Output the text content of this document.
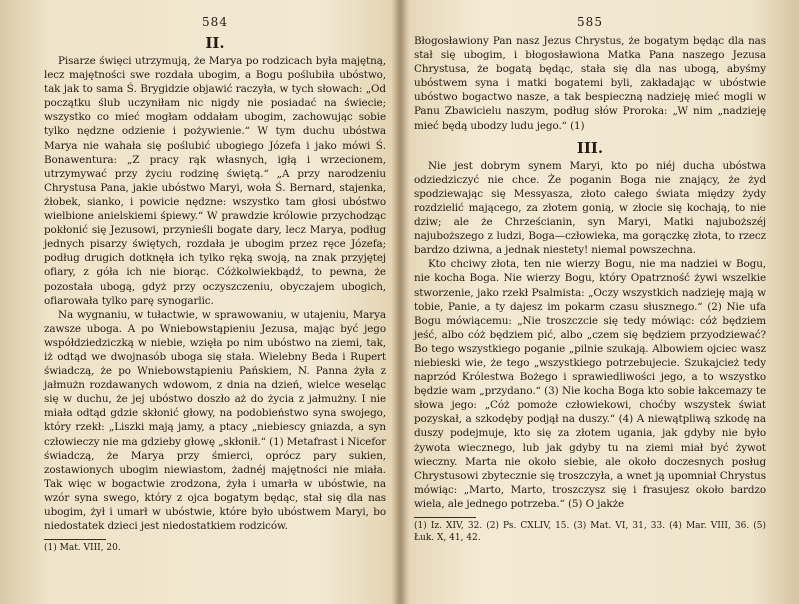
584
II.

Pisarze święci utrzymują, że Marya po rodzicach była majętną, lecz majętności swe rozdała ubogim, a Bogu poślubiła ubóstwo, tak jak to sama Ś. Brygidzie objawić raczyła, w tych słowach: „Od początku ślub uczyniłam nic nigdy nie posiadać na świecie; wszystko co mieć mogłam oddałam ubogim, zachowując sobie tylko nędzne odzienie i pożywienie.“ W tym duchu ubóstwa Marya nie wahała się poślubić ubogiego Józefa i jako mówi Ś. Bonawentura: „Z pracy rąk własnych, igłą i wrzecionem, utrzymywać przy życiu rodzinę świętą.“ „A przy narodzeniu Chrystusa Pana, jakie ubóstwo Maryi, woła Ś. Bernard, stajenka, żłobek, sianko, i powicie nędzne: wszystko tam głosi ubóstwo wielbione anielskiemi śpiewy.“ W prawdzie królowie przychodząc pokłonić się Jezusowi, przynieśli bogate dary, lecz Marya, podług jednych pisarzy świętych, rozdała je ubogim przez ręce Józefa; podług drugich dotknęła ich tylko ręką swoją, na znak przyjętej ofiary, z góła ich nie biorąc. Cóżkolwiekbądź, to pewna, że pozostała ubogą, gdyż przy oczyszczeniu, obyczajem ubogich, ofiarowała tylko parę synogarlic.

Na wygnaniu, w tułactwie, w sprawowaniu, w utajeniu, Marya zawsze uboga. A po Wniebowstąpieniu Jezusa, mając być jego współdziedziczką w niebie, wzięła po nim ubóstwo na ziemi, tak, iż odtąd we dwojnasób uboga się stała. Wielebny Beda i Rupert świadczą, że po Wniebowstąpieniu Pańskiem, N. Panna żyła z jałmużn rozdawanych wdowom, z dnia na dzień, wielce weseląc się w duchu, że jej ubóstwo doszło aż do życia z jałmużny. I nie miała odtąd gdzie skłonić głowy, na podobieństwo syna swojego, który rzekł: „Liszki mają jamy, a ptacy „niebiescy gniazda, a syn człowieczy nie ma gdzieby głowę „skłonił.“ (1) Metafrast i Nicefor świadczą, że Marya przy śmierci, oprócz pary sukien, zostawionych ubogim niewiastom, żadnéj majętności nie miała. Tak więc w bogactwie zrodzona, żyła i umarła w ubóstwie, na wzór syna swego, który z ojca bogatym będąc, stał się dla nas ubogim, żył i umarł w ubóstwie, które było ubóstwem Maryi, bo niedostatek dzieci jest niedostatkiem rodziców.

(1) Mat. VIII, 20.

585

Błogosławiony Pan nasz Jezus Chrystus, że bogatym będąc dla nas stał się ubogim, i błogosławiona Matka Pana naszego Jezusa Chrystusa, że bogatą będąc, stała się dla nas ubogą, abyśmy ubóstwem syna i matki bogatemi byli, zakładając w ubóstwie ubóstwo bogactwo nasze, a tak bespieczną nadzieję mieć mogli w Panu Zbawicielu naszym, podług słów Proroka: „W nim „nadzieję mieć będą ubodzy ludu jego.“ (1)

III.

Nie jest dobrym synem Maryi, kto po niéj ducha ubóstwa odziedziczyć nie chce. Że poganin Boga nie znający, że żyd spodziewając się Messyasza, złoto całego świata między żydy rozdzielić mającego, za złotem gonią, w złocie się kochają, to nie dziw; ale że Chrześcianin, syn Maryi, Matki najuboższéj najuboższego z ludzi, Boga—człowieka, ma gorączkę złota, to rzecz bardzo dziwna, a jednak niestety! niemal powszechna.

Kto chciwy złota, ten nie wierzy Bogu, nie ma nadziei w Bogu, nie kocha Boga. Nie wierzy Bogu, który Opatrzność żywi wszelkie stworzenie, jako rzekł Psalmista: „Oczy wszystkich nadzieję mają w tobie, Panie, a ty dajesz im pokarm czasu słusznego.“ (2) Nie ufa Bogu mówiącemu: „Nie troszczcie się tedy mówiąc: cóż będziem jeść, albo cóż będziem pić, albo „czem się będziem przyodziewać? Bo tego wszystkiego poganie „pilnie szukają. Albowiem ojciec wasz niebieski wie, że tego „wszystkiego potrzebujecie. Szukajcież tedy naprzód Królestwa Bożego i sprawiedliwości jego, a to wszystko będzie wam „przydano.“ (3) Nie kocha Boga kto sobie łakcemazy te słowa jego: „Cóż pomoże człowiekowi, choćby wszystek świat pozyskał, a szkodęby podjął na duszy.“ (4) A niewątpliwą szkodę na duszy podejmuje, kto się za złotem ugania, jak gdyby nie było żywota wiecznego, lub jak gdyby tu na ziemi miał być żywot wieczny. Marta nie około siebie, ale około doczesnych posług Chrystusowi zbytecznie się troszczyła, a wnet ją upomniał Chrystus mówiąc: „Marto, Marto, troszczysz się i frasujesz około bardzo wiela, ale jednego potrzeba.“ (5) O jakże

(1) Iz. XIV, 32. (2) Ps. CXLIV, 15. (3) Mat. VI, 31, 33. (4) Mar. VIII, 36. (5) Łuk. X, 41, 42.
